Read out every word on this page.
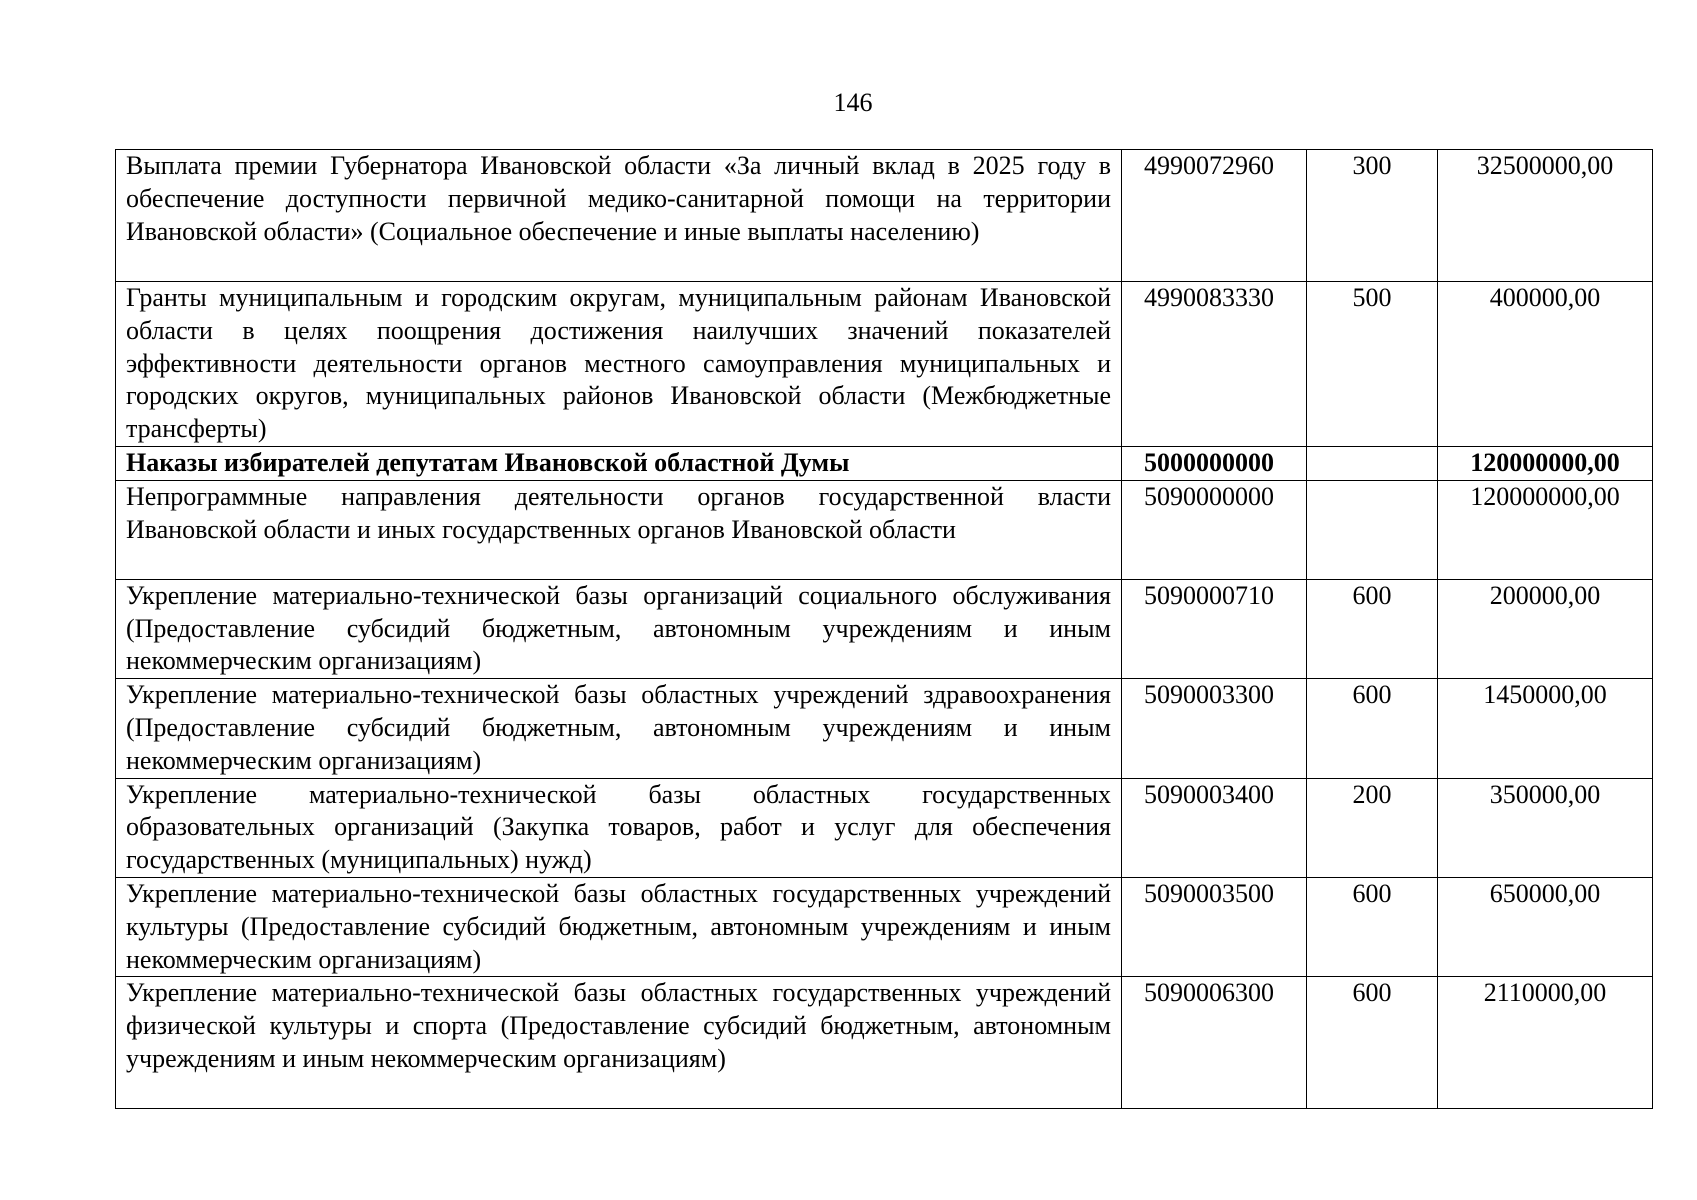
146
Выплата премии Губернатора Ивановской области «За личный вклад в 2025 году в обеспечение доступности первичной медико-санитарной помощи на территории Ивановской области» (Социальное обеспечение и иные выплаты населению)	4990072960	300	32500000,00
Гранты муниципальным и городским округам, муниципальным районам Ивановской области в целях поощрения достижения наилучших значений показателей эффективности деятельности органов местного самоуправления муниципальных и городских округов, муниципальных районов Ивановской области (Межбюджетные трансферты)	4990083330	500	400000,00
Наказы избирателей депутатам Ивановской областной Думы	5000000000		120000000,00
Непрограммные направления деятельности органов государственной власти Ивановской области и иных государственных органов Ивановской области	5090000000		120000000,00
Укрепление материально-технической базы организаций социального обслуживания (Предоставление субсидий бюджетным, автономным учреждениям и иным некоммерческим организациям)	5090000710	600	200000,00
Укрепление материально-технической базы областных учреждений здравоохранения (Предоставление субсидий бюджетным, автономным учреждениям и иным некоммерческим организациям)	5090003300	600	1450000,00
Укрепление материально-технической базы областных государственных образовательных организаций (Закупка товаров, работ и услуг для обеспечения государственных (муниципальных) нужд)	5090003400	200	350000,00
Укрепление материально-технической базы областных государственных учреждений культуры (Предоставление субсидий бюджетным, автономным учреждениям и иным некоммерческим организациям)	5090003500	600	650000,00
Укрепление материально-технической базы областных государственных учреждений физической культуры и спорта (Предоставление субсидий бюджетным, автономным учреждениям и иным некоммерческим организациям)	5090006300	600	2110000,00
